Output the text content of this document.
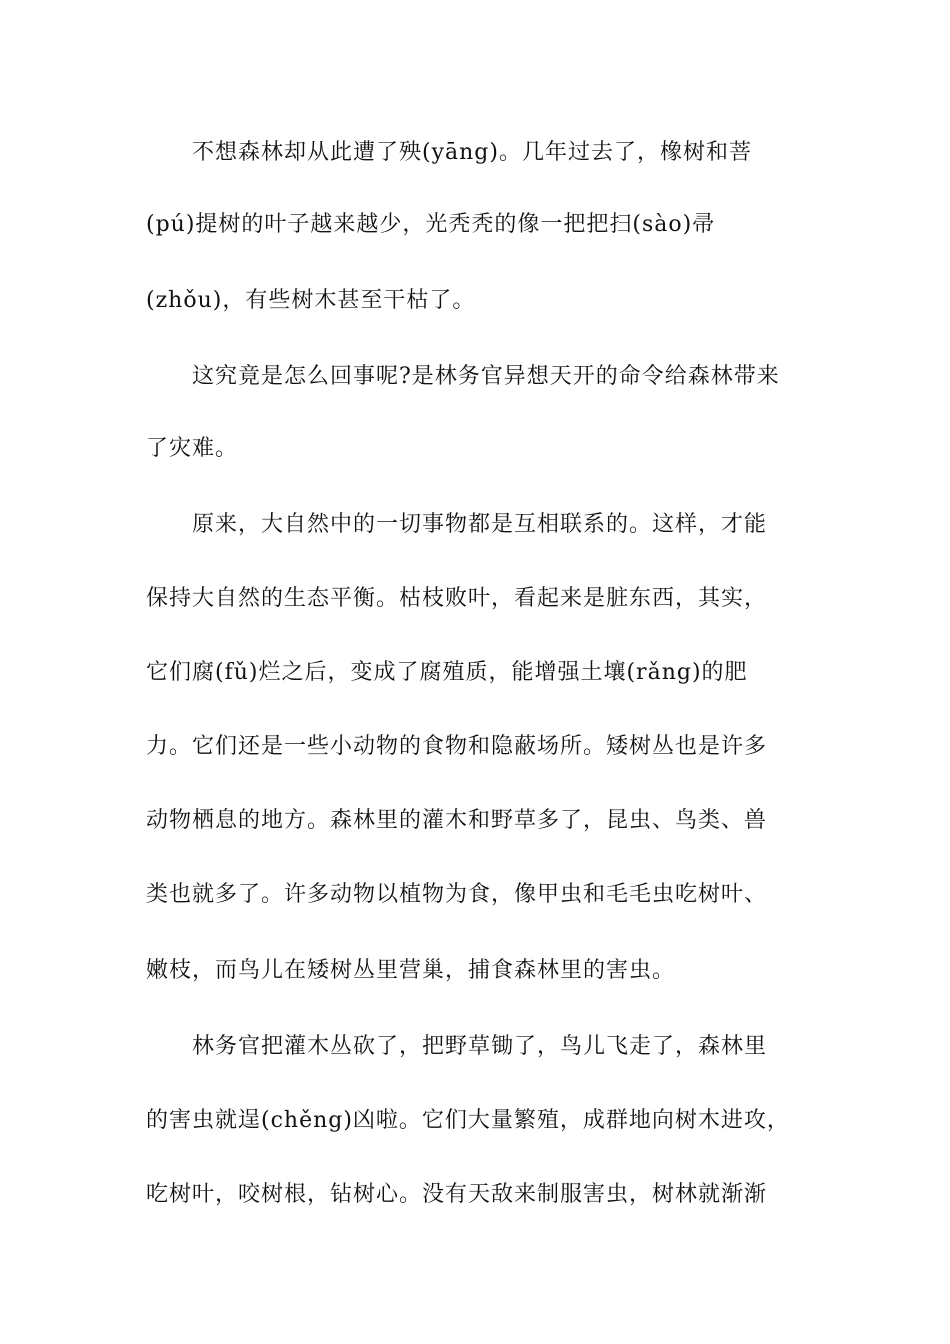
不想森林却从此遭了殃(yāng)。几年过去了，橡树和菩
(pú)提树的叶子越来越少，光秃秃的像一把把扫(sào)帚
(zhǒu)，有些树木甚至干枯了。
这究竟是怎么回事呢?是林务官异想天开的命令给森林带来
了灾难。
原来，大自然中的一切事物都是互相联系的。这样，才能
保持大自然的生态平衡。枯枝败叶，看起来是脏东西，其实，
它们腐(fǔ)烂之后，变成了腐殖质，能增强土壤(rǎng)的肥
力。它们还是一些小动物的食物和隐蔽场所。矮树丛也是许多
动物栖息的地方。森林里的灌木和野草多了，昆虫、鸟类、兽
类也就多了。许多动物以植物为食，像甲虫和毛毛虫吃树叶、
嫩枝，而鸟儿在矮树丛里营巢，捕食森林里的害虫。
林务官把灌木丛砍了，把野草锄了，鸟儿飞走了，森林里
的害虫就逞(chěng)凶啦。它们大量繁殖，成群地向树木进攻，
吃树叶，咬树根，钻树心。没有天敌来制服害虫，树林就渐渐
